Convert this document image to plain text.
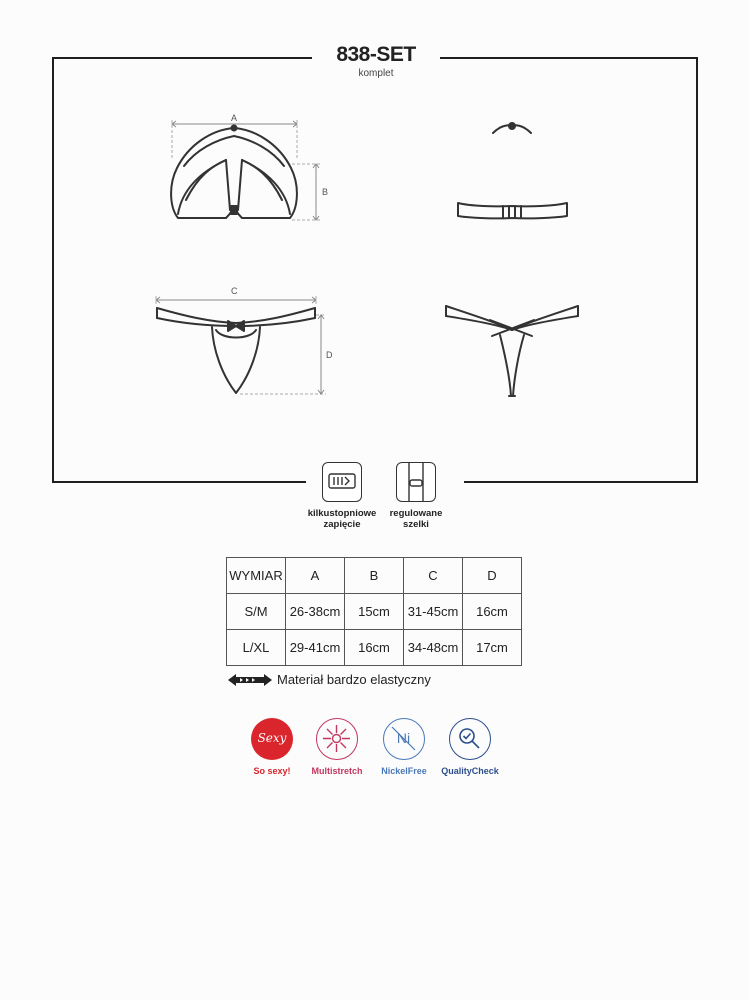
838-SET
komplet
A
B
C
D
kilkustopniowe
zapięcie
regulowane
szelki
WYMIAR	A	B	C	D
S/M	26-38cm	15cm	31-45cm	16cm
L/XL	29-41cm	16cm	34-48cm	17cm
Materiał bardzo elastyczny
Sexy
So sexy!	Multistretch
Ni
NickelFree	QualityCheck
